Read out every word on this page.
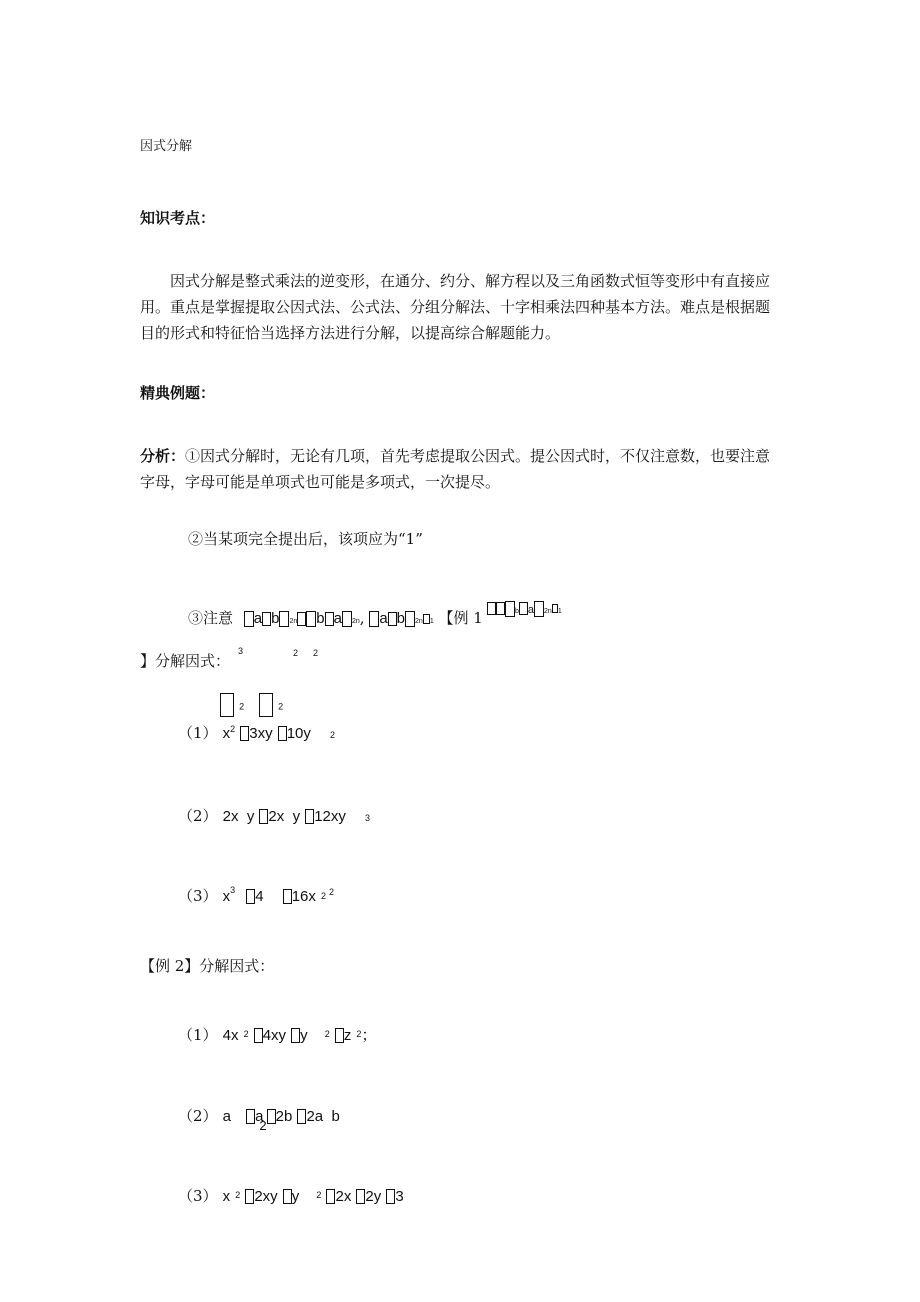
因式分解
知识考点：
因式分解是整式乘法的逆变形，在通分、约分、解方程以及三角函数式恒等变形中有直接应用。重点是掌握提取公因式法、公式法、分组分解法、十字相乘法四种基本方法。难点是根据题目的形式和特征恰当选择方法进行分解，以提高综合解题能力。
精典例题：
分析：①因式分解时，无论有几项，首先考虑提取公因式。提公因式时，不仅注意数，也要注意字母，字母可能是单项式也可能是多项式，一次提尽。
②当某项完全提出后，该项应为“1”
③注意 a b 2n b a 2n, a b 2n 1 【例 1	b a 2n 1
】分解因式：
3	2 2
2	2
（1） $x^2$ 3xy 10y 2
（2） 2x  y 2x  y 12xy 3
（3） $x^3$ 4 16x $^2$ $^2$
【例 2】分解因式：
（1） 4x $^2$ 4xy y $^2$ z $^2$；
（2） a $a_22b$ 2a  b
（3） x $^2$ 2xy y $^2$ 2x 2y 3
